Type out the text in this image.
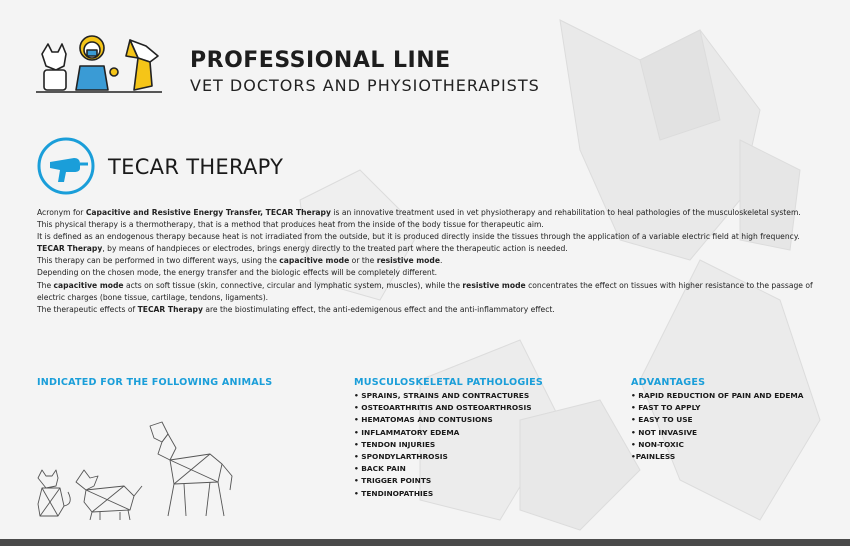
PROFESSIONAL LINE
VET DOCTORS AND PHYSIOTHERAPISTS
TECAR THERAPY

Acronym for Capacitive and Resistive Energy Transfer, TECAR Therapy is an innovative treatment used in vet physiotherapy and rehabilitation to heal pathologies of the musculoskeletal system.

This physical therapy is a thermotherapy, that is a method that produces heat from the inside of the body tissue for therapeutic aim.

It is defined as an endogenous therapy because heat is not irradiated from the outside, but it is produced directly inside the tissues through the application of a variable electric field at high frequency.

TECAR Therapy, by means of handpieces or electrodes, brings energy directly to the treated part where the therapeutic action is needed.

This therapy can be performed in two different ways, using the capacitive mode or the resistive mode.

Depending on the chosen mode, the energy transfer and the biologic effects will be completely different.

The capacitive mode acts on soft tissue (skin, connective, circular and lymphatic system, muscles), while the resistive mode concentrates the effect on tissues with higher resistance to the passage of electric charges (bone tissue, cartilage, tendons, ligaments).

The therapeutic effects of TECAR Therapy are the biostimulating effect, the anti-edemigenous effect and the anti-inflammatory effect.

INDICATED FOR THE FOLLOWING ANIMALS	MUSCULOSKELETAL PATHOLOGIES	ADVANTAGES
• SPRAINS, STRAINS AND CONTRACTURES
• OSTEOARTHRITIS AND OSTEOARTHROSIS
• HEMATOMAS AND CONTUSIONS
• INFLAMMATORY EDEMA
• TENDON INJURIES
• SPONDYLARTHROSIS
• BACK PAIN
• TRIGGER POINTS
• TENDINOPATHIES
• RAPID REDUCTION OF PAIN AND EDEMA
• FAST TO APPLY
• EASY TO USE
• NOT INVASIVE
• NON-TOXIC
•PAINLESS
